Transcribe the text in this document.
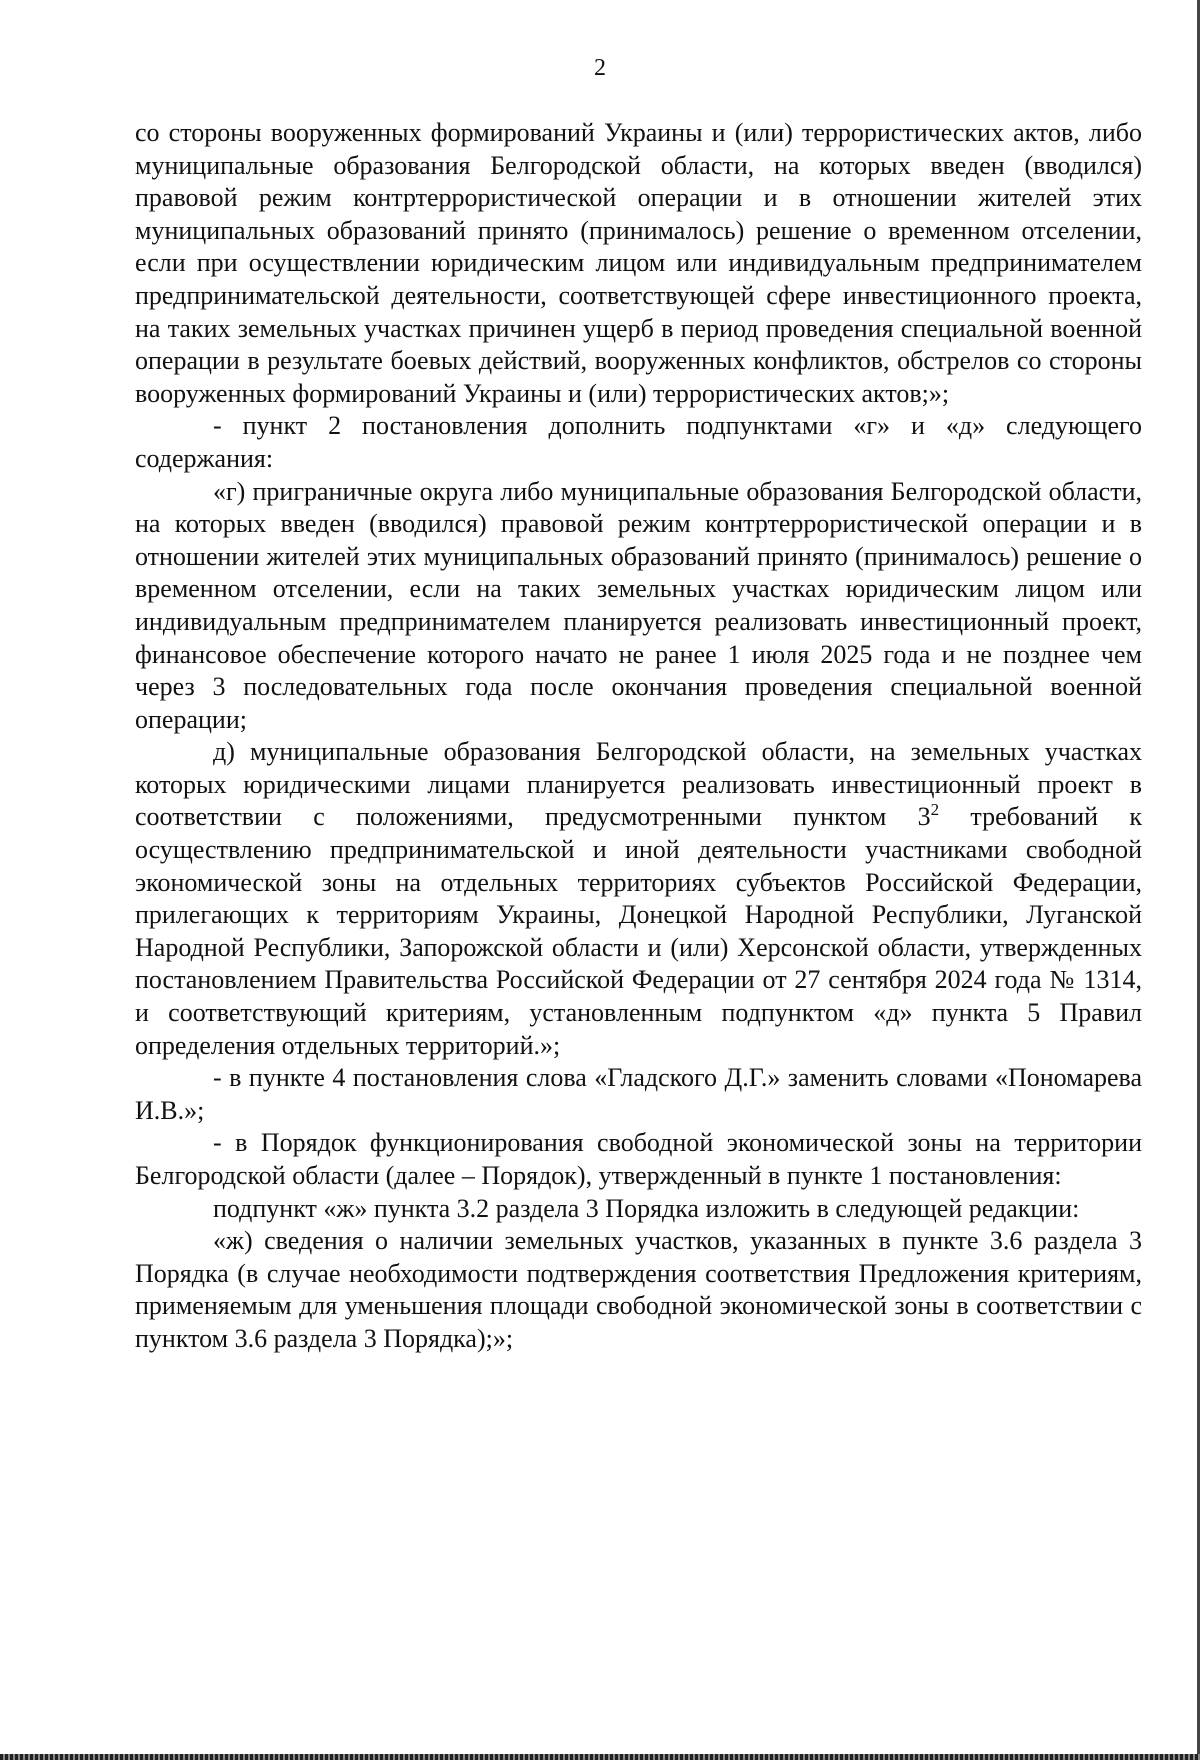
2

со стороны вооруженных формирований Украины и (или) террористических актов, либо муниципальные образования Белгородской области, на которых введен (вводился) правовой режим контртеррористической операции и в отношении жителей этих муниципальных образований принято (принималось) решение о временном отселении, если при осуществлении юридическим лицом или индивидуальным предпринимателем предпринимательской деятельности, соответствующей сфере инвестиционного проекта, на таких земельных участках причинен ущерб в период проведения специальной военной операции в результате боевых действий, вооруженных конфликтов, обстрелов со стороны вооруженных формирований Украины и (или) террористических актов;»;

- пункт 2 постановления дополнить подпунктами «г» и «д» следующего содержания:

«г) приграничные округа либо муниципальные образования Белгородской области, на которых введен (вводился) правовой режим контртеррористической операции и в отношении жителей этих муниципальных образований принято (принималось) решение о временном отселении, если на таких земельных участках юридическим лицом или индивидуальным предпринимателем планируется реализовать инвестиционный проект, финансовое обеспечение которого начато не ранее 1 июля 2025 года и не позднее чем через 3 последовательных года после окончания проведения специальной военной операции;

д) муниципальные образования Белгородской области, на земельных участках которых юридическими лицами планируется реализовать инвестиционный проект в соответствии с положениями, предусмотренными пунктом $3^2$ требований к осуществлению предпринимательской и иной деятельности участниками свободной экономической зоны на отдельных территориях субъектов Российской Федерации, прилегающих к территориям Украины, Донецкой Народной Республики, Луганской Народной Республики, Запорожской области и (или) Херсонской области, утвержденных постановлением Правительства Российской Федерации от 27 сентября 2024 года № 1314, и соответствующий критериям, установленным подпунктом «д» пункта 5 Правил определения отдельных территорий.»;

- в пункте 4 постановления слова «Гладского Д.Г.» заменить словами «Пономарева И.В.»;

- в Порядок функционирования свободной экономической зоны на территории Белгородской области (далее – Порядок), утвержденный в пункте 1 постановления:

подпункт «ж» пункта 3.2 раздела 3 Порядка изложить в следующей редакции:

«ж) сведения о наличии земельных участков, указанных в пункте 3.6 раздела 3 Порядка (в случае необходимости подтверждения соответствия Предложения критериям, применяемым для уменьшения площади свободной экономической зоны в соответствии с пунктом 3.6 раздела 3 Порядка);»;
